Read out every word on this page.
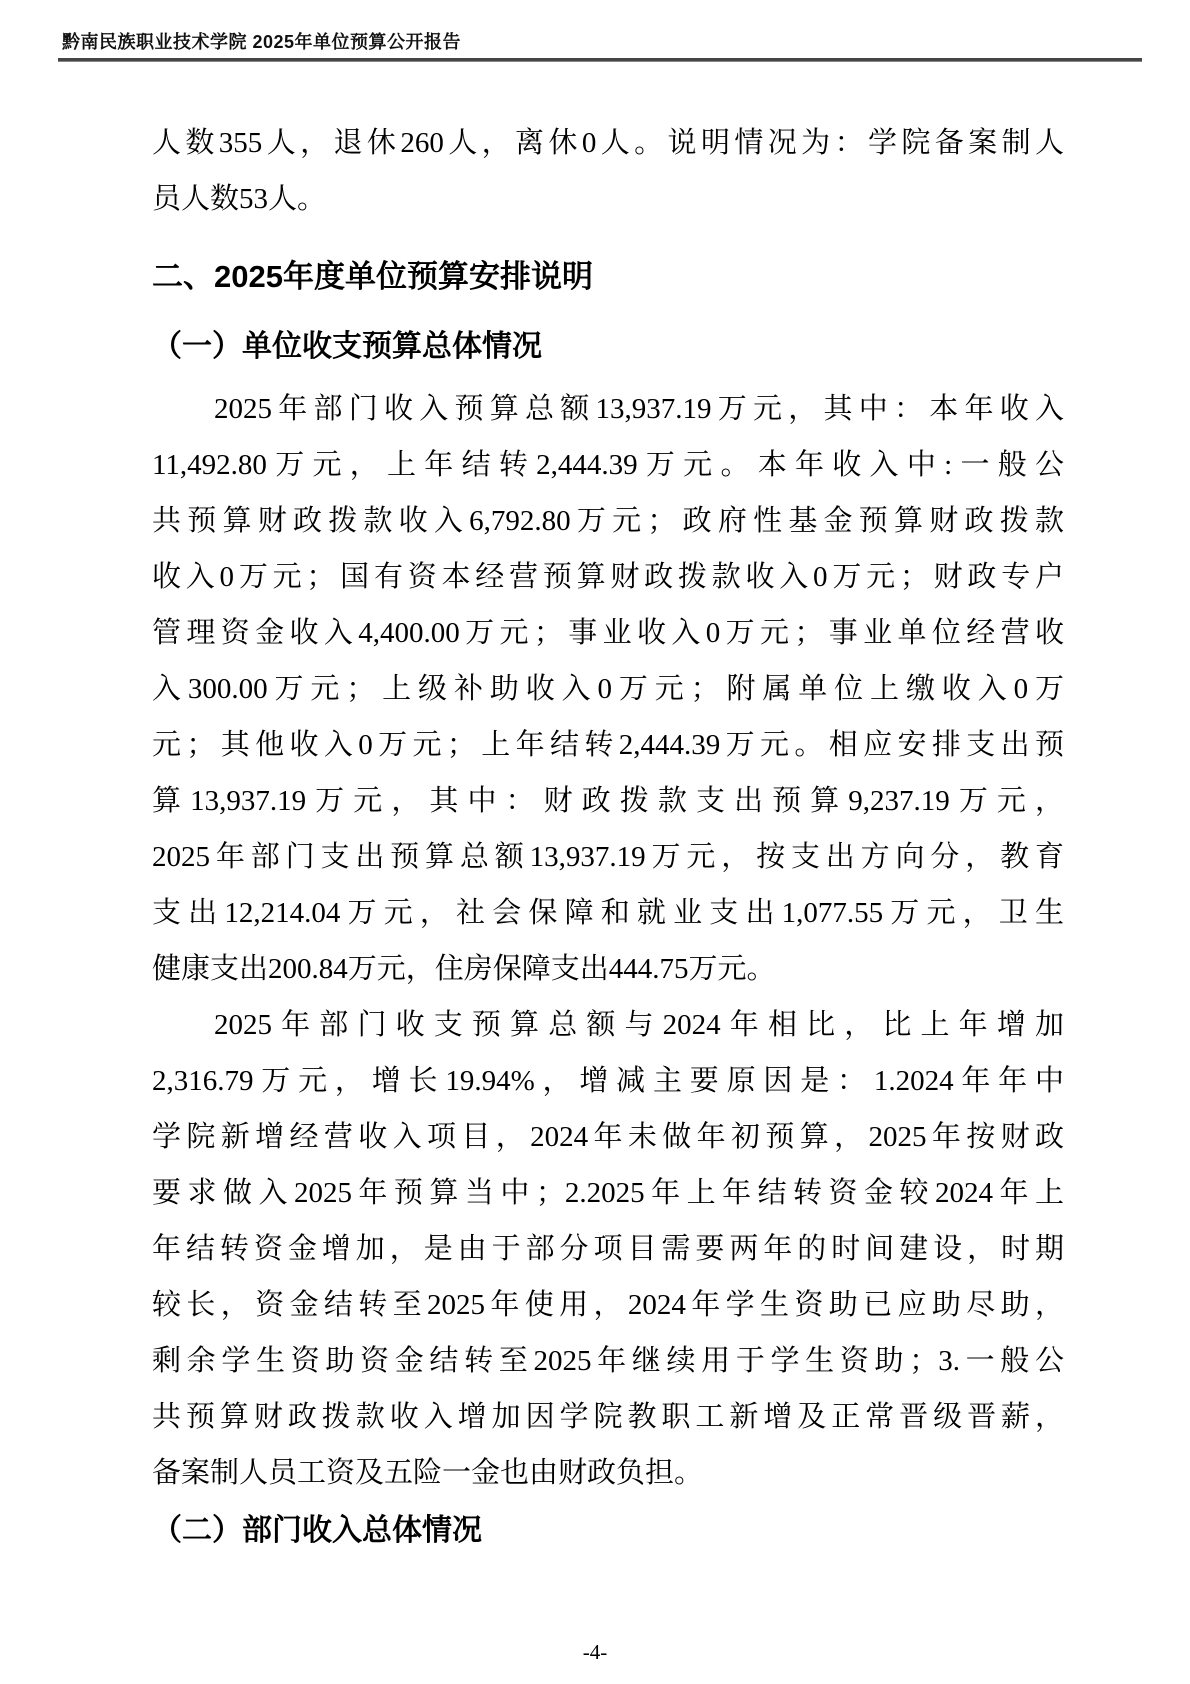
黔南民族职业技术学院 2025年单位预算公开报告
人数355人，退休260人，离休0人。说明情况为：学院备案制人
员人数53人。
二、2025年度单位预算安排说明
（一）单位收支预算总体情况
2025年部门收入预算总额13,937.19万元，其中：本年收入
11,492.80万元，上年结转2,444.39万元。本年收入中:一般公
共预算财政拨款收入6,792.80万元；政府性基金预算财政拨款
收入0万元；国有资本经营预算财政拨款收入0万元；财政专户
管理资金收入4,400.00万元；事业收入0万元；事业单位经营收
入300.00万元；上级补助收入0万元；附属单位上缴收入0万
元；其他收入0万元；上年结转2,444.39万元。相应安排支出预
算13,937.19万元，其中：财政拨款支出预算9,237.19万元，
2025年部门支出预算总额13,937.19万元，按支出方向分，教育
支出12,214.04万元，社会保障和就业支出1,077.55万元，卫生
健康支出200.84万元，住房保障支出444.75万元。
2025年部门收支预算总额与2024年相比，比上年增加
2,316.79万元，增长19.94%，增减主要原因是：1.2024年年中
学院新增经营收入项目，2024年未做年初预算，2025年按财政
要求做入2025年预算当中；2.2025年上年结转资金较2024年上
年结转资金增加，是由于部分项目需要两年的时间建设，时期
较长，资金结转至2025年使用，2024年学生资助已应助尽助，
剩余学生资助资金结转至2025年继续用于学生资助；3.一般公
共预算财政拨款收入增加因学院教职工新增及正常晋级晋薪，
备案制人员工资及五险一金也由财政负担。
（二）部门收入总体情况
-4-
